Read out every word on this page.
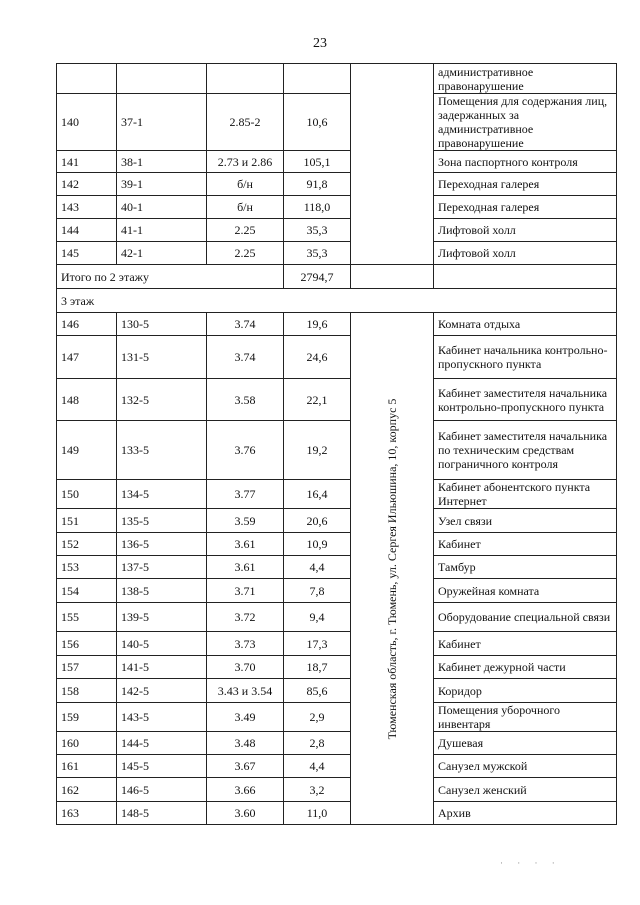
23
					административное правонарушение
140	37-1	2.85-2	10,6		Помещения для содержания лиц, задержанных за административное правонарушение
141	38-1	2.73 и 2.86	105,1		Зона паспортного контроля
142	39-1	б/н	91,8		Переходная галерея
143	40-1	б/н	118,0		Переходная галерея
144	41-1	2.25	35,3		Лифтовой холл
145	42-1	2.25	35,3		Лифтовой холл
Итого по 2 этажу			2794,7		
3 этаж					
146	130-5	3.74	19,6	Тюменская область, г. Тюмень, ул. Сергея Ильюшина, 10, корпус 5	Комната отдыха
147	131-5	3.74	24,6		Кабинет начальника контрольно-пропускного пункта
148	132-5	3.58	22,1		Кабинет заместителя начальника контрольно-пропускного пункта
149	133-5	3.76	19,2		Кабинет заместителя начальника по техническим средствам пограничного контроля
150	134-5	3.77	16,4		Кабинет абонентского пункта Интернет
151	135-5	3.59	20,6		Узел связи
152	136-5	3.61	10,9		Кабинет
153	137-5	3.61	4,4		Тамбур
154	138-5	3.71	7,8		Оружейная комната
155	139-5	3.72	9,4		Оборудование специальной связи
156	140-5	3.73	17,3		Кабинет
157	141-5	3.70	18,7		Кабинет дежурной части
158	142-5	3.43 и 3.54	85,6		Коридор
159	143-5	3.49	2,9		Помещения уборочного инвентаря
160	144-5	3.48	2,8		Душевая
161	145-5	3.67	4,4		Санузел мужской
162	146-5	3.66	3,2		Санузел женский
163	148-5	3.60	11,0		Архив
· · · ·
